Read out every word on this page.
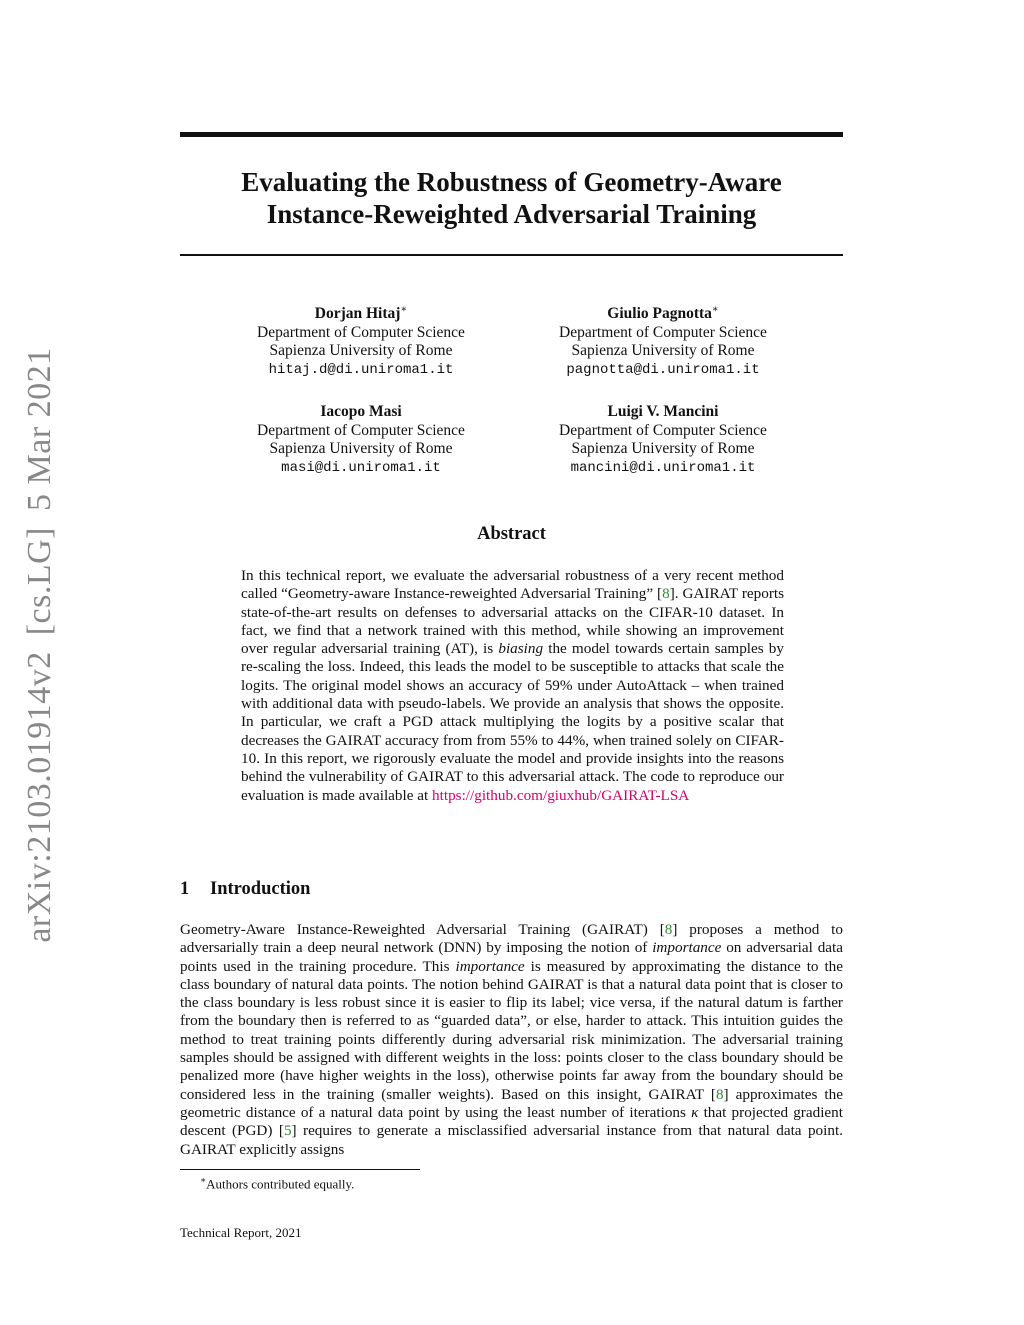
arXiv:2103.01914v2[cs.LG]5 Mar 2021
Evaluating the Robustness of Geometry-Aware
Instance-Reweighted Adversarial Training
Dorjan Hitaj∗
Department of Computer Science
Sapienza University of Rome
hitaj.d@di.uniroma1.it
Giulio Pagnotta∗
Department of Computer Science
Sapienza University of Rome
pagnotta@di.uniroma1.it
Iacopo Masi
Department of Computer Science
Sapienza University of Rome
masi@di.uniroma1.it
Luigi V. Mancini
Department of Computer Science
Sapienza University of Rome
mancini@di.uniroma1.it
Abstract
In this technical report, we evaluate the adversarial robustness of a very recent method called “Geometry-aware Instance-reweighted Adversarial Training” [8]. GAIRAT reports state-of-the-art results on defenses to adversarial attacks on the CIFAR-10 dataset. In fact, we find that a network trained with this method, while showing an improvement over regular adversarial training (AT), is biasing the model towards certain samples by re-scaling the loss. Indeed, this leads the model to be susceptible to attacks that scale the logits. The original model shows an accuracy of 59% under AutoAttack – when trained with additional data with pseudo-labels. We provide an analysis that shows the opposite. In particular, we craft a PGD attack multiplying the logits by a positive scalar that decreases the GAIRAT accuracy from from 55% to 44%, when trained solely on CIFAR-10. In this report, we rigorously evaluate the model and provide insights into the reasons behind the vulnerability of GAIRAT to this adversarial attack. The code to reproduce our evaluation is made available at https://github.com/giuxhub/GAIRAT-LSA
1 Introduction
Geometry-Aware Instance-Reweighted Adversarial Training (GAIRAT) [8] proposes a method to adversarially train a deep neural network (DNN) by imposing the notion of importance on adversarial data points used in the training procedure. This importance is measured by approximating the distance to the class boundary of natural data points. The notion behind GAIRAT is that a natural data point that is closer to the class boundary is less robust since it is easier to flip its label; vice versa, if the natural datum is farther from the boundary then is referred to as “guarded data”, or else, harder to attack. This intuition guides the method to treat training points differently during adversarial risk minimization. The adversarial training samples should be assigned with different weights in the loss: points closer to the class boundary should be penalized more (have higher weights in the loss), otherwise points far away from the boundary should be considered less in the training (smaller weights). Based on this insight, GAIRAT [8] approximates the geometric distance of a natural data point by using the least number of iterations κ that projected gradient descent (PGD) [5] requires to generate a misclassified adversarial instance from that natural data point. GAIRAT explicitly assigns
∗Authors contributed equally.
Technical Report, 2021
